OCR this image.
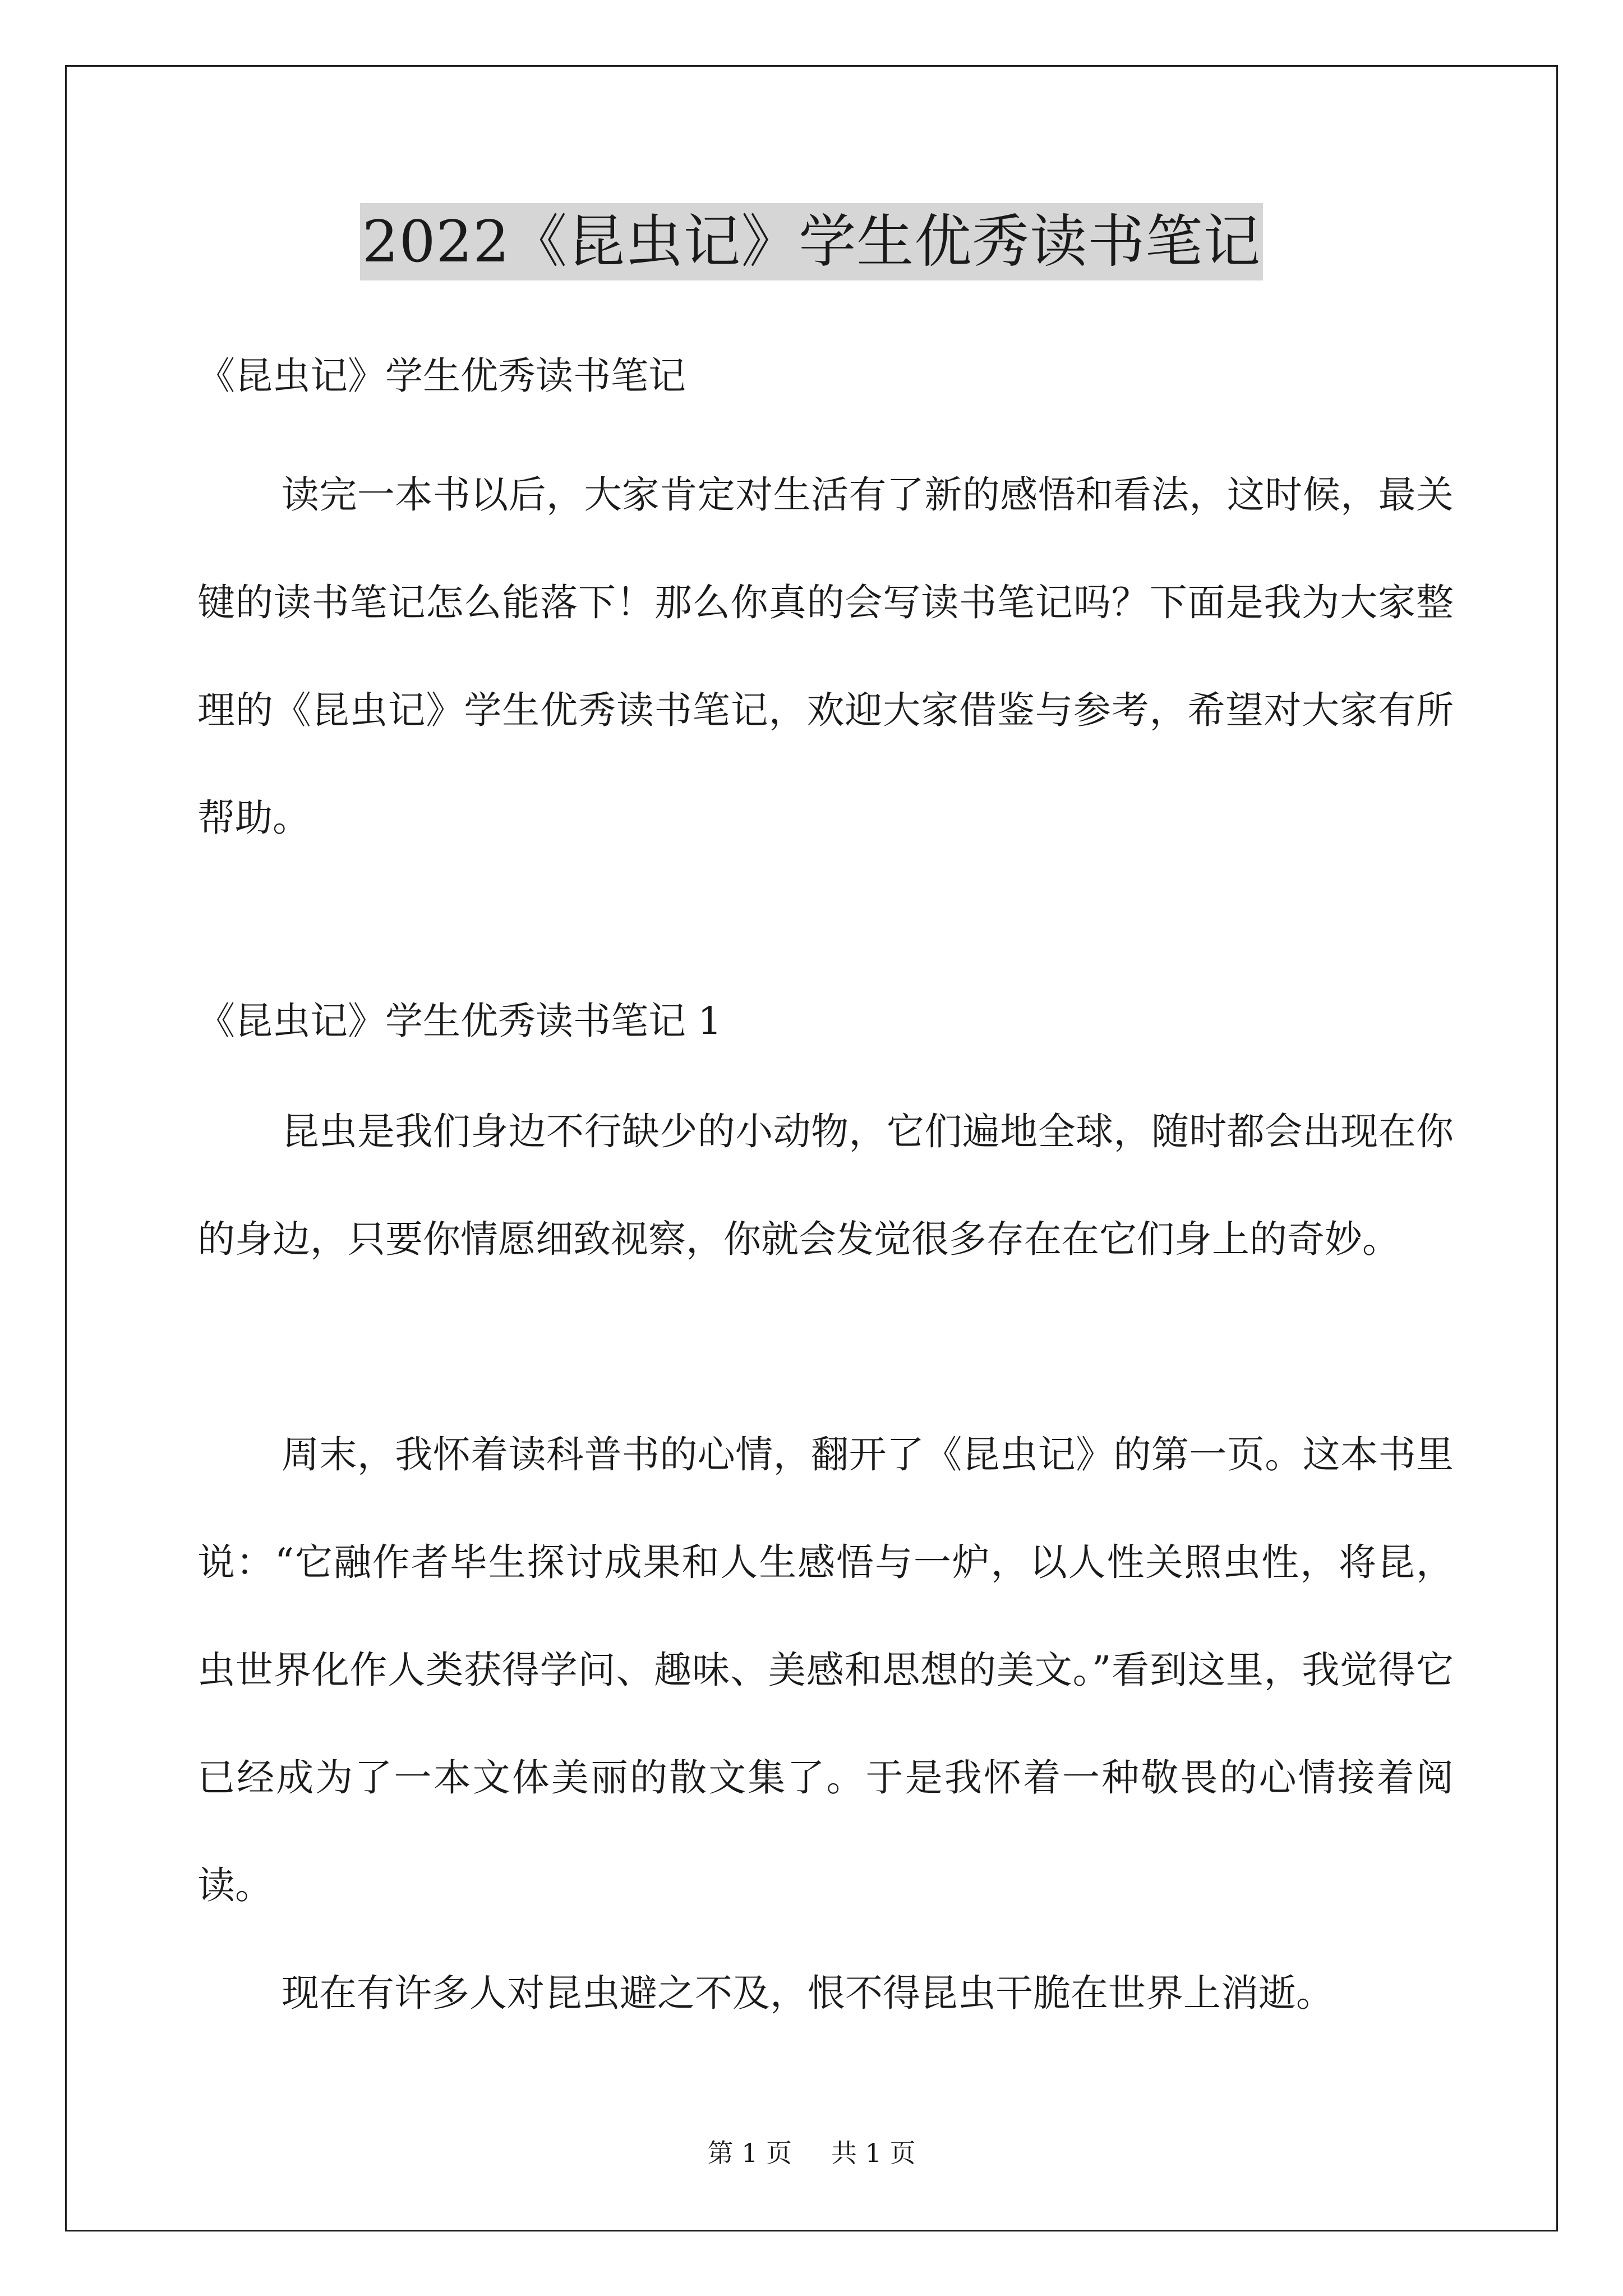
2022《昆虫记》学生优秀读书笔记
《昆虫记》学生优秀读书笔记

读完一本书以后，大家肯定对生活有了新的感悟和看法，这时候，最关键的读书笔记怎么能落下！那么你真的会写读书笔记吗？下面是我为大家整理的《昆虫记》学生优秀读书笔记，欢迎大家借鉴与参考，希望对大家有所帮助。

《昆虫记》学生优秀读书笔记 1

昆虫是我们身边不行缺少的小动物，它们遍地全球，随时都会出现在你的身边，只要你情愿细致视察，你就会发觉很多存在在它们身上的奇妙。

周末，我怀着读科普书的心情，翻开了《昆虫记》的第一页。这本书里说：“它融作者毕生探讨成果和人生感悟与一炉，以人性关照虫性，将昆，虫世界化作人类获得学问、趣味、美感和思想的美文。”看到这里，我觉得它已经成为了一本文体美丽的散文集了。于是我怀着一种敬畏的心情接着阅读。

现在有许多人对昆虫避之不及，恨不得昆虫干脆在世界上消逝。

第 1 页 共 1 页
